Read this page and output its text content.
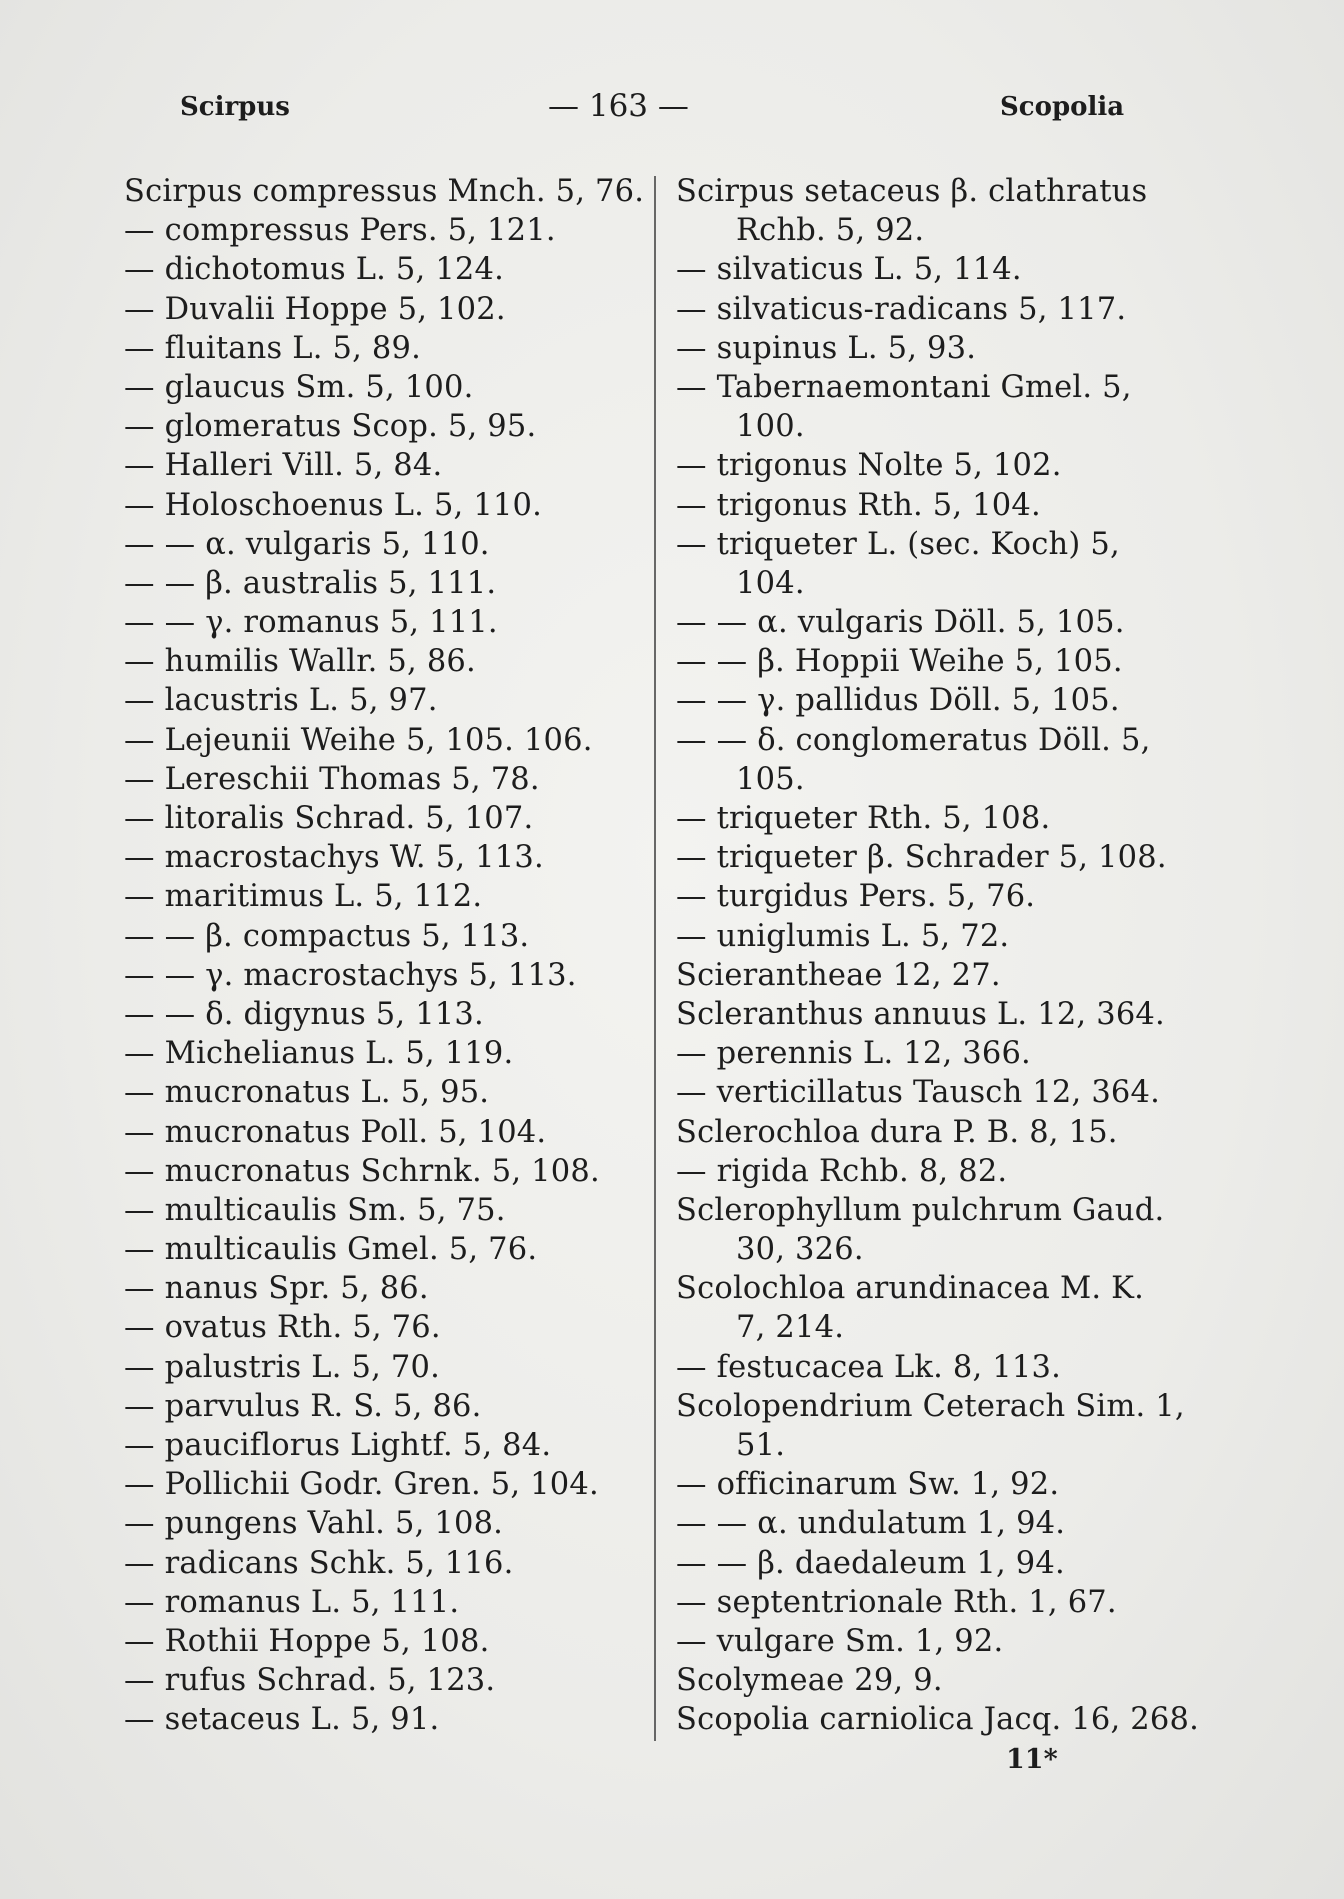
Scirpus	— 163 —	Scopolia
Scirpus compressus Mnch. 5, 76.
— compressus Pers. 5, 121.
— dichotomus L. 5, 124.
— Duvalii Hoppe 5, 102.
— fluitans L. 5, 89.
— glaucus Sm. 5, 100.
— glomeratus Scop. 5, 95.
— Halleri Vill. 5, 84.
— Holoschoenus L. 5, 110.
— — α. vulgaris 5, 110.
— — β. australis 5, 111.
— — γ. romanus 5, 111.
— humilis Wallr. 5, 86.
— lacustris L. 5, 97.
— Lejeunii Weihe 5, 105. 106.
— Lereschii Thomas 5, 78.
— litoralis Schrad. 5, 107.
— macrostachys W. 5, 113.
— maritimus L. 5, 112.
— — β. compactus 5, 113.
— — γ. macrostachys 5, 113.
— — δ. digynus 5, 113.
— Michelianus L. 5, 119.
— mucronatus L. 5, 95.
— mucronatus Poll. 5, 104.
— mucronatus Schrnk. 5, 108.
— multicaulis Sm. 5, 75.
— multicaulis Gmel. 5, 76.
— nanus Spr. 5, 86.
— ovatus Rth. 5, 76.
— palustris L. 5, 70.
— parvulus R. S. 5, 86.
— pauciflorus Lightf. 5, 84.
— Pollichii Godr. Gren. 5, 104.
— pungens Vahl. 5, 108.
— radicans Schk. 5, 116.
— romanus L. 5, 111.
— Rothii Hoppe 5, 108.
— rufus Schrad. 5, 123.
— setaceus L. 5, 91.
Scirpus setaceus β. clathratus
Rchb. 5, 92.
— silvaticus L. 5, 114.
— silvaticus-radicans 5, 117.
— supinus L. 5, 93.
— Tabernaemontani Gmel. 5,
100.
— trigonus Nolte 5, 102.
— trigonus Rth. 5, 104.
— triqueter L. (sec. Koch) 5,
104.
— — α. vulgaris Döll. 5, 105.
— — β. Hoppii Weihe 5, 105.
— — γ. pallidus Döll. 5, 105.
— — δ. conglomeratus Döll. 5,
105.
— triqueter Rth. 5, 108.
— triqueter β. Schrader 5, 108.
— turgidus Pers. 5, 76.
— uniglumis L. 5, 72.
Scierantheae 12, 27.
Scleranthus annuus L. 12, 364.
— perennis L. 12, 366.
— verticillatus Tausch 12, 364.
Sclerochloa dura P. B. 8, 15.
— rigida Rchb. 8, 82.
Sclerophyllum pulchrum Gaud.
30, 326.
Scolochloa arundinacea M. K.
7, 214.
— festucacea Lk. 8, 113.
Scolopendrium Ceterach Sim. 1,
51.
— officinarum Sw. 1, 92.
— — α. undulatum 1, 94.
— — β. daedaleum 1, 94.
— septentrionale Rth. 1, 67.
— vulgare Sm. 1, 92.
Scolymeae 29, 9.
Scopolia carniolica Jacq. 16, 268.
11*
